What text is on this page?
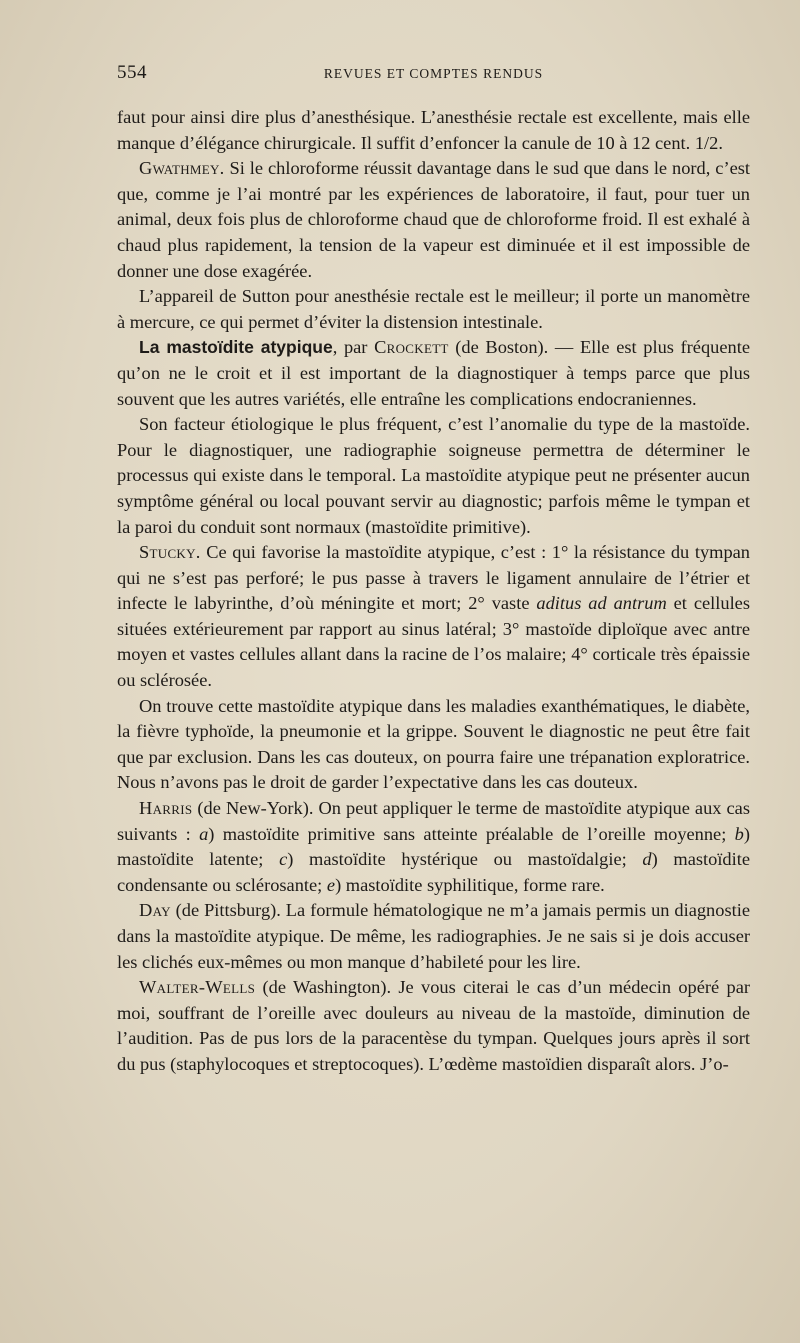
554	REVUES ET COMPTES RENDUS

faut pour ainsi dire plus d’anesthésique. L’anesthésie rectale est excellente, mais elle manque d’élégance chirurgicale. Il suffit d’enfoncer la canule de 10 à 12 cent. 1/2.

Gwathmey. Si le chloroforme réussit davantage dans le sud que dans le nord, c’est que, comme je l’ai montré par les expériences de laboratoire, il faut, pour tuer un animal, deux fois plus de chloroforme chaud que de chloroforme froid. Il est exhalé à chaud plus rapidement, la tension de la vapeur est diminuée et il est impossible de donner une dose exagérée.

L’appareil de Sutton pour anesthésie rectale est le meilleur; il porte un manomètre à mercure, ce qui permet d’éviter la distension intestinale.

La mastoïdite atypique, par Crockett (de Boston). — Elle est plus fréquente qu’on ne le croit et il est important de la diagnostiquer à temps parce que plus souvent que les autres variétés, elle entraîne les complications endocraniennes.

Son facteur étiologique le plus fréquent, c’est l’anomalie du type de la mastoïde. Pour le diagnostiquer, une radiographie soigneuse permettra de déterminer le processus qui existe dans le temporal. La mastoïdite atypique peut ne présenter aucun symptôme général ou local pouvant servir au diagnostic; parfois même le tympan et la paroi du conduit sont normaux (mastoïdite primitive).

Stucky. Ce qui favorise la mastoïdite atypique, c’est : 1° la résistance du tympan qui ne s’est pas perforé; le pus passe à travers le ligament annulaire de l’étrier et infecte le labyrinthe, d’où méningite et mort; 2° vaste aditus ad antrum et cellules situées extérieurement par rapport au sinus latéral; 3° mastoïde diploïque avec antre moyen et vastes cellules allant dans la racine de l’os malaire; 4° corticale très épaissie ou sclérosée.

On trouve cette mastoïdite atypique dans les maladies exanthématiques, le diabète, la fièvre typhoïde, la pneumonie et la grippe. Souvent le diagnostic ne peut être fait que par exclusion. Dans les cas douteux, on pourra faire une trépanation exploratrice. Nous n’avons pas le droit de garder l’expectative dans les cas douteux.

Harris (de New-York). On peut appliquer le terme de mastoïdite atypique aux cas suivants : a) mastoïdite primitive sans atteinte préalable de l’oreille moyenne; b) mastoïdite latente; c) mastoïdite hystérique ou mastoïdalgie; d) mastoïdite condensante ou sclérosante; e) mastoïdite syphilitique, forme rare.

Day (de Pittsburg). La formule hématologique ne m’a jamais permis un diagnostie dans la mastoïdite atypique. De même, les radiographies. Je ne sais si je dois accuser les clichés eux-mêmes ou mon manque d’habileté pour les lire.

Walter-Wells (de Washington). Je vous citerai le cas d’un médecin opéré par moi, souffrant de l’oreille avec douleurs au niveau de la mastoïde, diminution de l’audition. Pas de pus lors de la paracentèse du tympan. Quelques jours après il sort du pus (staphylocoques et streptocoques). L’œdème mastoïdien disparaît alors. J’o-
